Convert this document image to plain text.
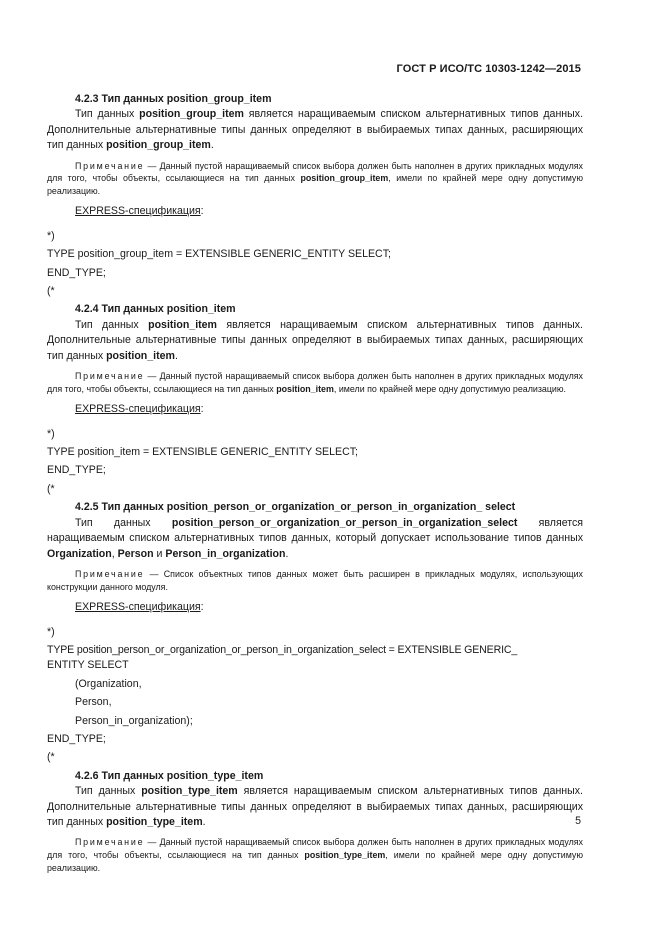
ГОСТ Р ИСО/ТС 10303-1242—2015

4.2.3 Тип данных position_group_item

Тип данных position_group_item является наращиваемым списком альтернативных типов данных. Дополнительные альтернативные типы данных определяют в выбираемых типах данных, расширяющих тип данных position_group_item.

Примечание — Данный пустой наращиваемый список выбора должен быть наполнен в других прикладных модулях для того, чтобы объекты, ссылающиеся на тип данных position_group_item, имели по крайней мере одну допустимую реализацию.

EXPRESS-спецификация:

*)

TYPE position_group_item = EXTENSIBLE GENERIC_ENTITY SELECT;

END_TYPE;

(*

4.2.4 Тип данных position_item

Тип данных position_item является наращиваемым списком альтернативных типов данных. Дополнительные альтернативные типы данных определяют в выбираемых типах данных, расширяющих тип данных position_item.

Примечание — Данный пустой наращиваемый список выбора должен быть наполнен в других прикладных модулях для того, чтобы объекты, ссылающиеся на тип данных position_item, имели по крайней мере одну допустимую реализацию.

EXPRESS-спецификация:

*)

TYPE position_item = EXTENSIBLE GENERIC_ENTITY SELECT;

END_TYPE;

(*

4.2.5 Тип данных position_person_or_organization_or_person_in_organization_ select

Тип данных position_person_or_organization_or_person_in_organization_select является наращиваемым списком альтернативных типов данных, который допускает использование типов данных Organization, Person и Person_in_organization.

Примечание — Список объектных типов данных может быть расширен в прикладных модулях, использующих конструкции данного модуля.

EXPRESS-спецификация:

*)

TYPE position_person_or_organization_or_person_in_organization_select = EXTENSIBLE GENERIC_

ENTITY SELECT

(Organization,

Person,

Person_in_organization);

END_TYPE;

(*

4.2.6 Тип данных position_type_item

Тип данных position_type_item является наращиваемым списком альтернативных типов данных. Дополнительные альтернативные типы данных определяют в выбираемых типах данных, расширяющих тип данных position_type_item.

Примечание — Данный пустой наращиваемый список выбора должен быть наполнен в других прикладных модулях для того, чтобы объекты, ссылающиеся на тип данных position_type_item, имели по крайней мере одну допустимую реализацию.

5
